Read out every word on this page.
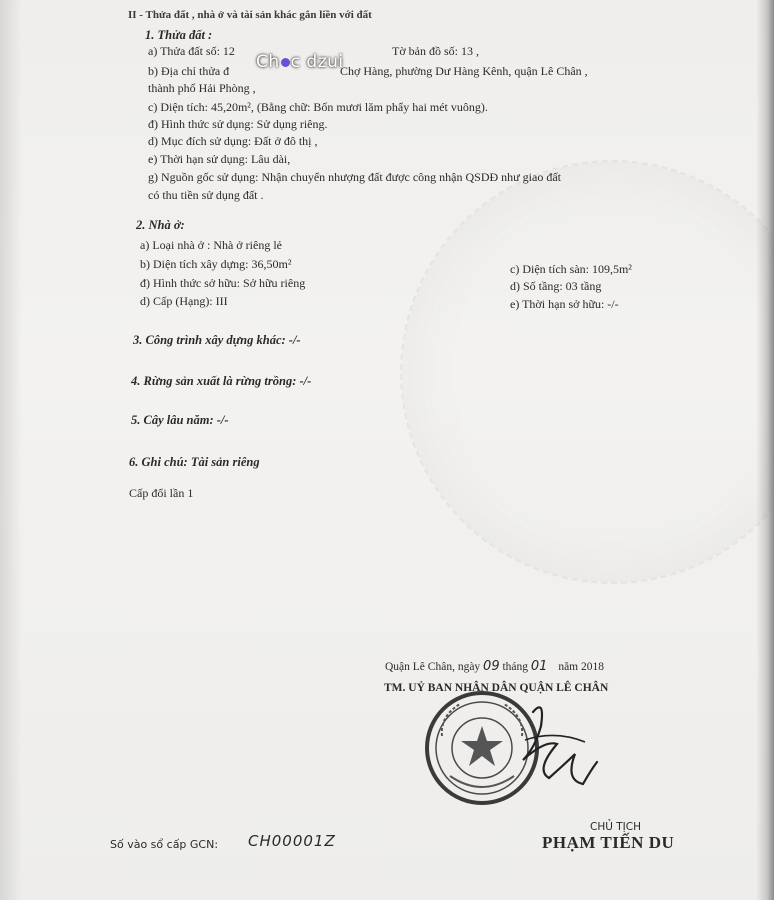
II - Thửa đất , nhà ở và tài sản khác gắn liền với đất
1. Thửa đất :
a) Thửa đất số: 12	Tờ bản đồ số: 13 ,
Ch c dzui
b) Địa chỉ thửa đ	Chợ Hàng, phường Dư Hàng Kênh, quận Lê Chân ,
thành phố Hải Phòng ,
c) Diện tích: 45,20m², (Bằng chữ: Bốn mươi lăm phẩy hai mét vuông).
đ) Hình thức sử dụng: Sử dụng riêng.
d) Mục đích sử dụng: Đất ở đô thị ,
e) Thời hạn sử dụng: Lâu dài,
g) Nguồn gốc sử dụng: Nhận chuyển nhượng đất được công nhận QSDĐ như giao đất
có thu tiền sử dụng đất .
2. Nhà ở:
a) Loại nhà ở : Nhà ở riêng lẻ
b) Diện tích xây dựng: 36,50m²	c) Diện tích sàn: 109,5m²
đ) Hình thức sở hữu: Sở hữu riêng	d) Số tầng: 03 tầng
d) Cấp (Hạng): III	e) Thời hạn sở hữu: -/-
3. Công trình xây dựng khác: -/-
4. Rừng sản xuất là rừng trồng: -/-
5. Cây lâu năm: -/-
6. Ghi chú: Tài sản riêng
Cấp đổi lần 1
Quận Lê Chân, ngày 09 tháng 01 năm 2018
TM. UỶ BAN NHÂN DÂN QUẬN LÊ CHÂN
CHỦ TỊCH
PHẠM TIẾN DU
Số vào sổ cấp GCN: CH00001Z
